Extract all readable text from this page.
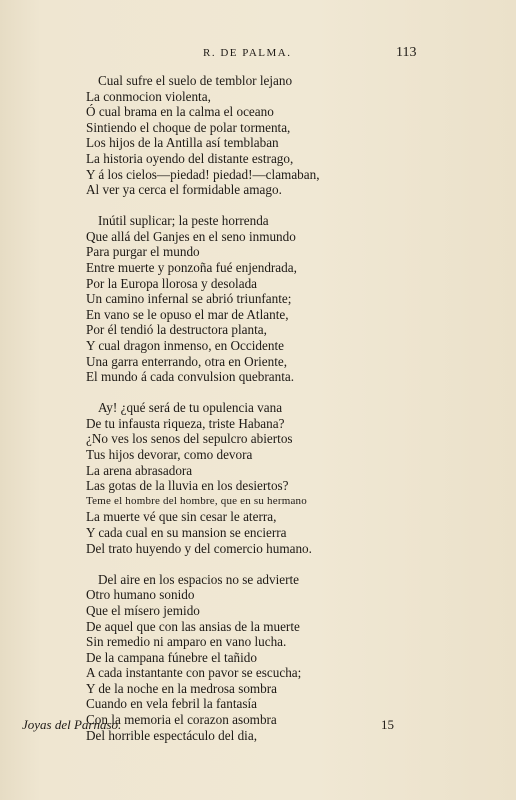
R. DE PALMA.	113
Cual sufre el suelo de temblor lejano
La conmocion violenta,
Ó cual brama en la calma el oceano
Sintiendo el choque de polar tormenta,
Los hijos de la Antilla así temblaban
La historia oyendo del distante estrago,
Y á los cielos—piedad! piedad!—clamaban,
Al ver ya cerca el formidable amago.
Inútil suplicar; la peste horrenda
Que allá del Ganjes en el seno inmundo
Para purgar el mundo
Entre muerte y ponzoña fué enjendrada,
Por la Europa llorosa y desolada
Un camino infernal se abrió triunfante;
En vano se le opuso el mar de Atlante,
Por él tendió la destructora planta,
Y cual dragon inmenso, en Occidente
Una garra enterrando, otra en Oriente,
El mundo á cada convulsion quebranta.
Ay! ¿qué será de tu opulencia vana
De tu infausta riqueza, triste Habana?
¿No ves los senos del sepulcro abiertos
Tus hijos devorar, como devora
La arena abrasadora
Las gotas de la lluvia en los desiertos?
Teme el hombre del hombre, que en su hermano
La muerte vé que sin cesar le aterra,
Y cada cual en su mansion se encierra
Del trato huyendo y del comercio humano.
Del aire en los espacios no se advierte
Otro humano sonido
Que el mísero jemido
De aquel que con las ansias de la muerte
Sin remedio ni amparo en vano lucha.
De la campana fúnebre el tañido
A cada instantante con pavor se escucha;
Y de la noche en la medrosa sombra
Cuando en vela febril la fantasía
Con la memoria el corazon asombra
Del horrible espectáculo del dia,
Joyas del Parnaso.	15
